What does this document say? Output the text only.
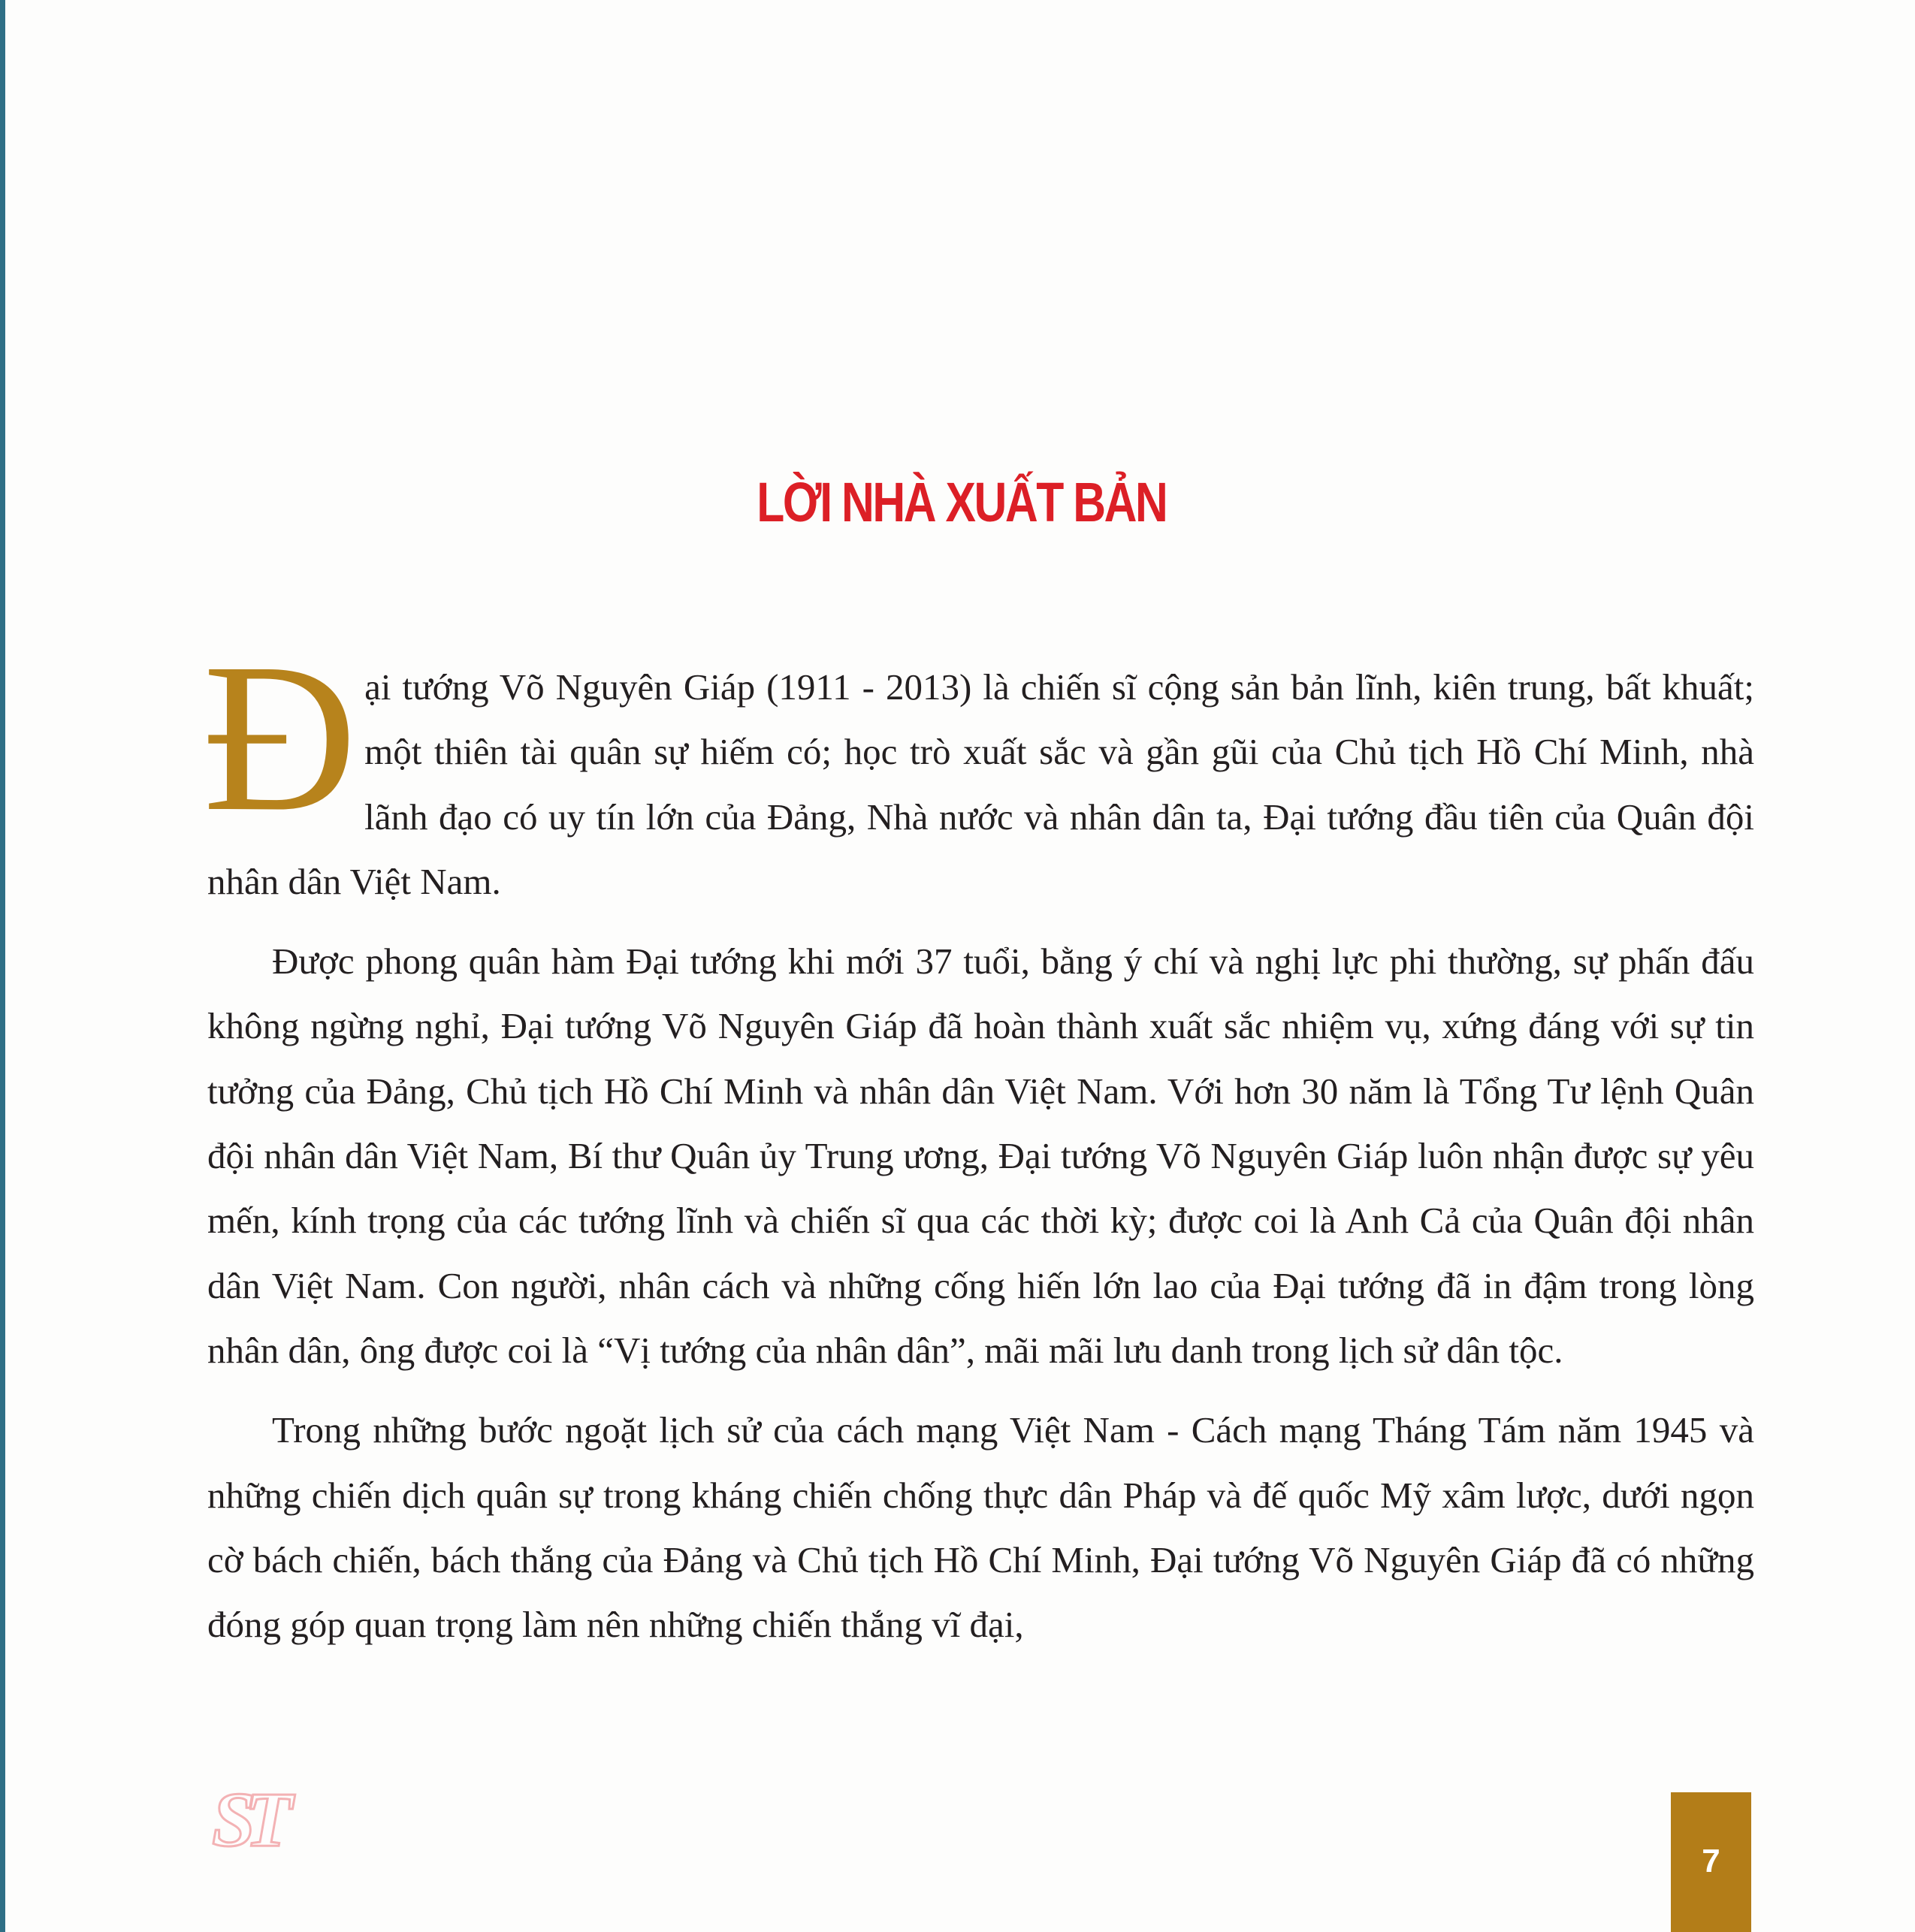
LỜI NHÀ XUẤT BẢN

Đại tướng Võ Nguyên Giáp (1911 - 2013) là chiến sĩ cộng sản bản lĩnh, kiên trung, bất khuất; một thiên tài quân sự hiếm có; học trò xuất sắc và gần gũi của Chủ tịch Hồ Chí Minh, nhà lãnh đạo có uy tín lớn của Đảng, Nhà nước và nhân dân ta, Đại tướng đầu tiên của Quân đội nhân dân Việt Nam.

Được phong quân hàm Đại tướng khi mới 37 tuổi, bằng ý chí và nghị lực phi thường, sự phấn đấu không ngừng nghỉ, Đại tướng Võ Nguyên Giáp đã hoàn thành xuất sắc nhiệm vụ, xứng đáng với sự tin tưởng của Đảng, Chủ tịch Hồ Chí Minh và nhân dân Việt Nam. Với hơn 30 năm là Tổng Tư lệnh Quân đội nhân dân Việt Nam, Bí thư Quân ủy Trung ương, Đại tướng Võ Nguyên Giáp luôn nhận được sự yêu mến, kính trọng của các tướng lĩnh và chiến sĩ qua các thời kỳ; được coi là Anh Cả của Quân đội nhân dân Việt Nam. Con người, nhân cách và những cống hiến lớn lao của Đại tướng đã in đậm trong lòng nhân dân, ông được coi là “Vị tướng của nhân dân”, mãi mãi lưu danh trong lịch sử dân tộc.

Trong những bước ngoặt lịch sử của cách mạng Việt Nam - Cách mạng Tháng Tám năm 1945 và những chiến dịch quân sự trong kháng chiến chống thực dân Pháp và đế quốc Mỹ xâm lược, dưới ngọn cờ bách chiến, bách thắng của Đảng và Chủ tịch Hồ Chí Minh, Đại tướng Võ Nguyên Giáp đã có những đóng góp quan trọng làm nên những chiến thắng vĩ đại,

ST	7
